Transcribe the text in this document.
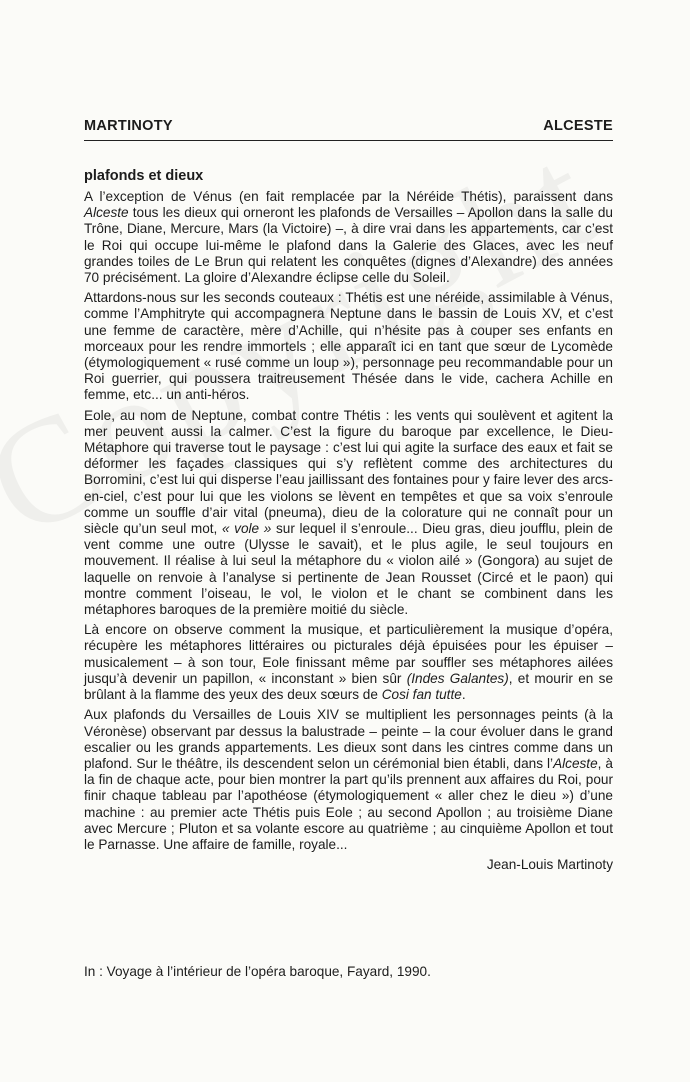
MARTINOTY	ALCESTE
plafonds et dieux

A l’exception de Vénus (en fait remplacée par la Néréide Thétis), paraissent dans Alceste tous les dieux qui orneront les plafonds de Versailles – Apollon dans la salle du Trône, Diane, Mercure, Mars (la Victoire) –, à dire vrai dans les appartements, car c’est le Roi qui occupe lui-même le plafond dans la Galerie des Glaces, avec les neuf grandes toiles de Le Brun qui relatent les conquêtes (dignes d’Alexandre) des années 70 précisément. La gloire d’Alexandre éclipse celle du Soleil.

Attardons-nous sur les seconds couteaux : Thétis est une néréide, assimilable à Vénus, comme l’Amphitryte qui accompagnera Neptune dans le bassin de Louis XV, et c’est une femme de caractère, mère d’Achille, qui n’hésite pas à couper ses enfants en morceaux pour les rendre immortels ; elle apparaît ici en tant que sœur de Lycomède (étymologiquement « rusé comme un loup »), personnage peu recommandable pour un Roi guerrier, qui poussera traitreusement Thésée dans le vide, cachera Achille en femme, etc... un anti-héros.

Eole, au nom de Neptune, combat contre Thétis : les vents qui soulèvent et agitent la mer peuvent aussi la calmer. C’est la figure du baroque par excellence, le Dieu-Métaphore qui traverse tout le paysage : c’est lui qui agite la surface des eaux et fait se déformer les façades classiques qui s’y reflètent comme des architectures du Borromini, c’est lui qui disperse l’eau jaillissant des fontaines pour y faire lever des arcs-en-ciel, c’est pour lui que les violons se lèvent en tempêtes et que sa voix s’enroule comme un souffle d’air vital (pneuma), dieu de la colorature qui ne connaît pour un siècle qu’un seul mot, « vole » sur lequel il s’enroule... Dieu gras, dieu joufflu, plein de vent comme une outre (Ulysse le savait), et le plus agile, le seul toujours en mouvement. Il réalise à lui seul la métaphore du « violon ailé » (Gongora) au sujet de laquelle on renvoie à l’analyse si pertinente de Jean Rousset (Circé et le paon) qui montre comment l’oiseau, le vol, le violon et le chant se combinent dans les métaphores baroques de la première moitié du siècle.

Là encore on observe comment la musique, et particulièrement la musique d’opéra, récupère les métaphores littéraires ou picturales déjà épuisées pour les épuiser – musicalement – à son tour, Eole finissant même par souffler ses métaphores ailées jusqu’à devenir un papillon, « inconstant » bien sûr (Indes Galantes), et mourir en se brûlant à la flamme des yeux des deux sœurs de Cosi fan tutte.

Aux plafonds du Versailles de Louis XIV se multiplient les personnages peints (à la Véronèse) observant par dessus la balustrade – peinte – la cour évoluer dans le grand escalier ou les grands appartements. Les dieux sont dans les cintres comme dans un plafond. Sur le théâtre, ils descendent selon un cérémonial bien établi, dans l’Alceste, à la fin de chaque acte, pour bien montrer la part qu’ils prennent aux affaires du Roi, pour finir chaque tableau par l’apothéose (étymologiquement « aller chez le dieu ») d’une machine : au premier acte Thétis puis Eole ; au second Apollon ; au troisième Diane avec Mercure ; Pluton et sa volante escore au quatrième ; au cinquième Apollon et tout le Parnasse. Une affaire de famille, royale...

Jean-Louis Martinoty

In : Voyage à l’intérieur de l’opéra baroque, Fayard, 1990.
